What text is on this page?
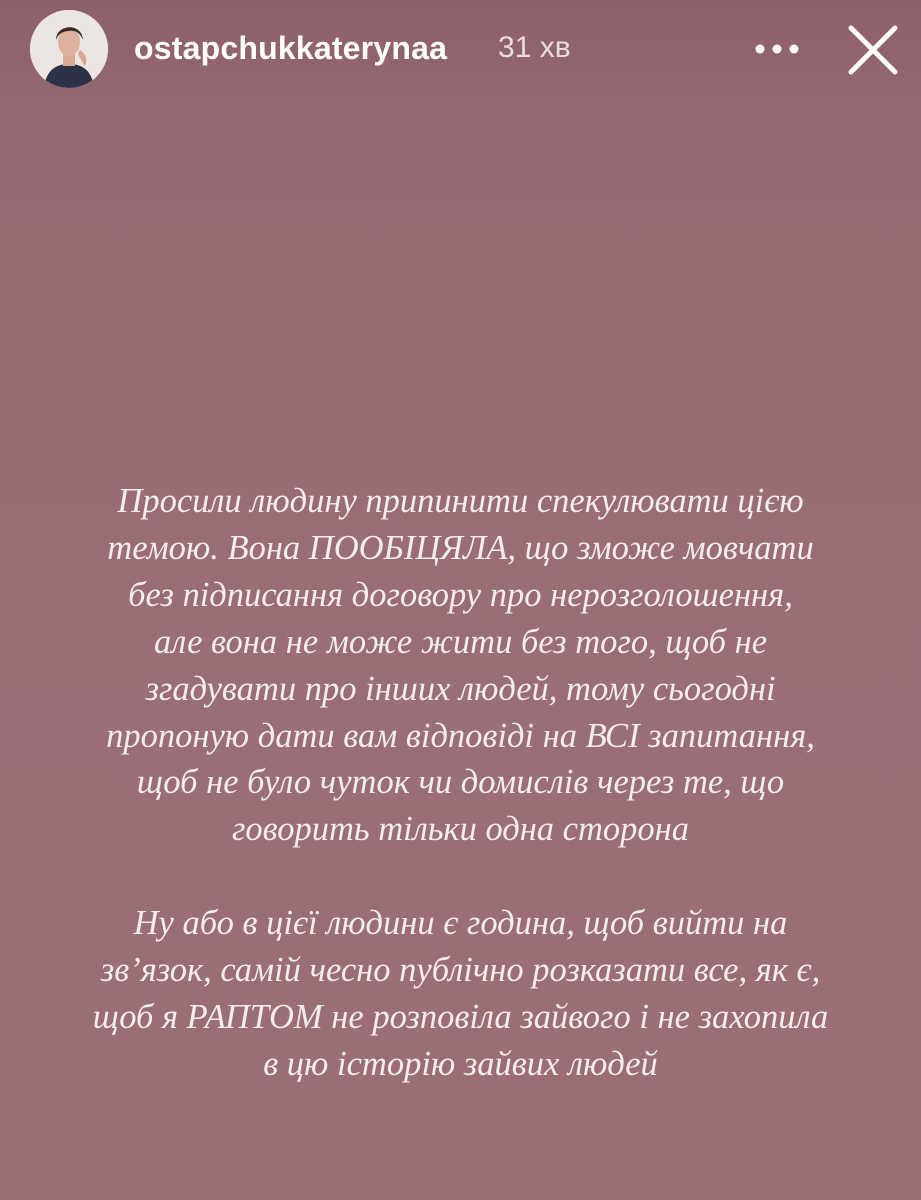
ostapchukkaterynaa 31 хв
Просили людину припинити спекулювати цією
темою. Вона ПООБІЦЯЛА, що зможе мовчати
без підписання договору про нерозголошення,
але вона не може жити без того, щоб не
згадувати про інших людей, тому сьогодні
пропоную дати вам відповіді на ВСІ запитання,
щоб не було чуток чи домислів через те, що
говорить тільки одна сторона
Ну або в цієї людини є година, щоб вийти на
зв’язок, самій чесно публічно розказати все, як є,
щоб я РАПТОМ не розповіла зайвого і не захопила
в цю історію зайвих людей
